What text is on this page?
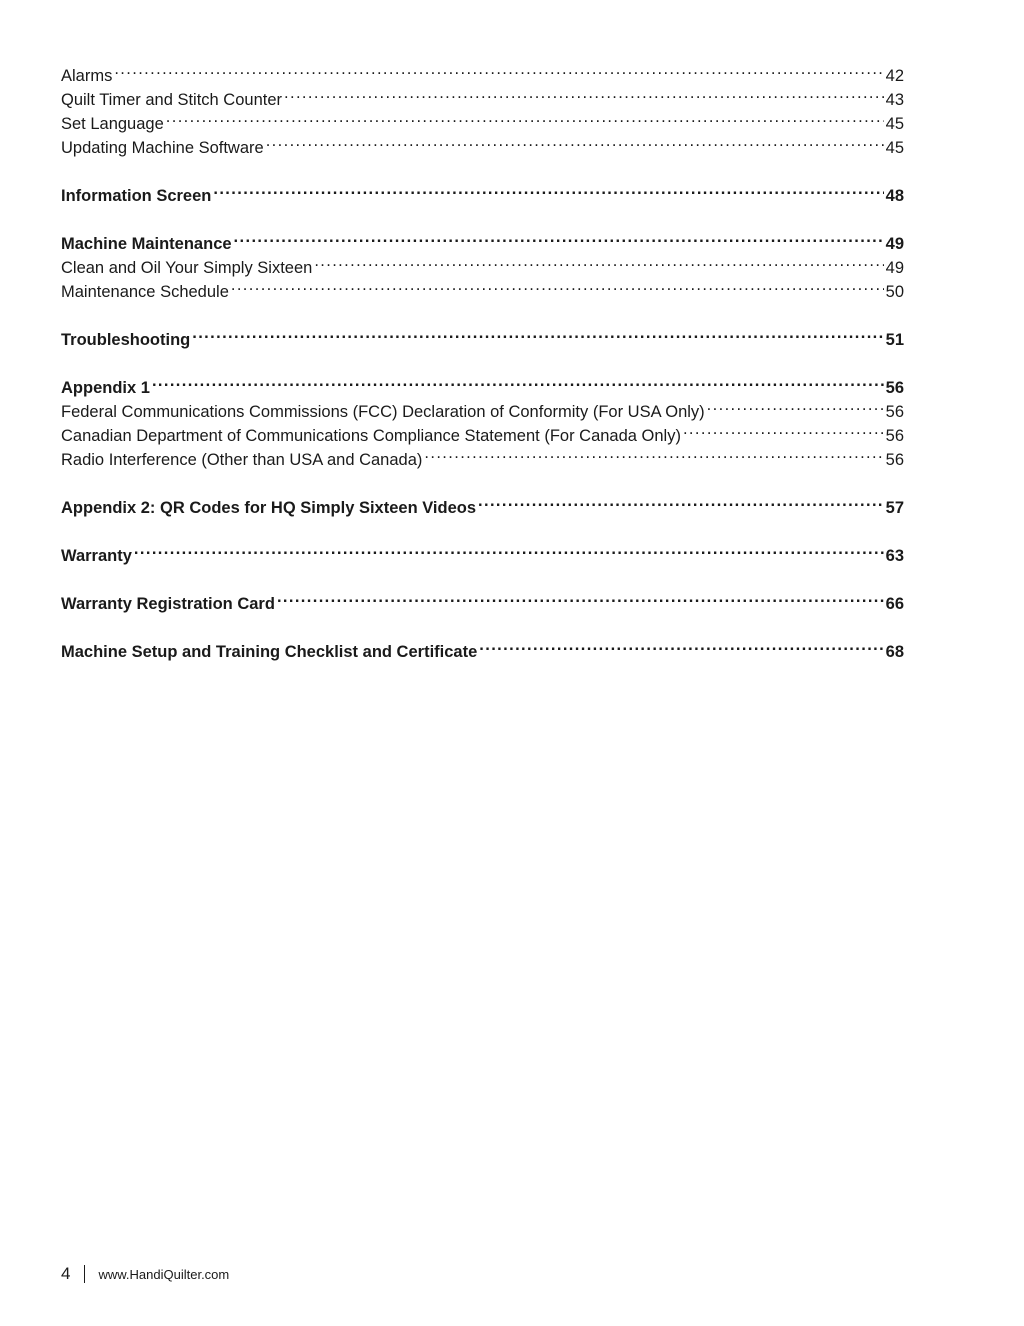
Alarms . . .	42
Quilt Timer and Stitch Counter . . .	43
Set Language . . .	45
Updating Machine Software . . .	45
Information Screen . . .	48
Machine Maintenance . . .	49
Clean and Oil Your Simply Sixteen . . .	49
Maintenance Schedule . . .	50
Troubleshooting . . .	51
Appendix 1 . . .	56
Federal Communications Commissions (FCC) Declaration of Conformity (For USA Only) . . .	56
Canadian Department of Communications Compliance Statement (For Canada Only) . . .	56
Radio Interference (Other than USA and Canada) . . .	56
Appendix 2: QR Codes for HQ Simply Sixteen Videos . . .	57
Warranty . . .	63
Warranty Registration Card . . .	66
Machine Setup and Training Checklist and Certificate . . .	68
4 www.HandiQuilter.com
